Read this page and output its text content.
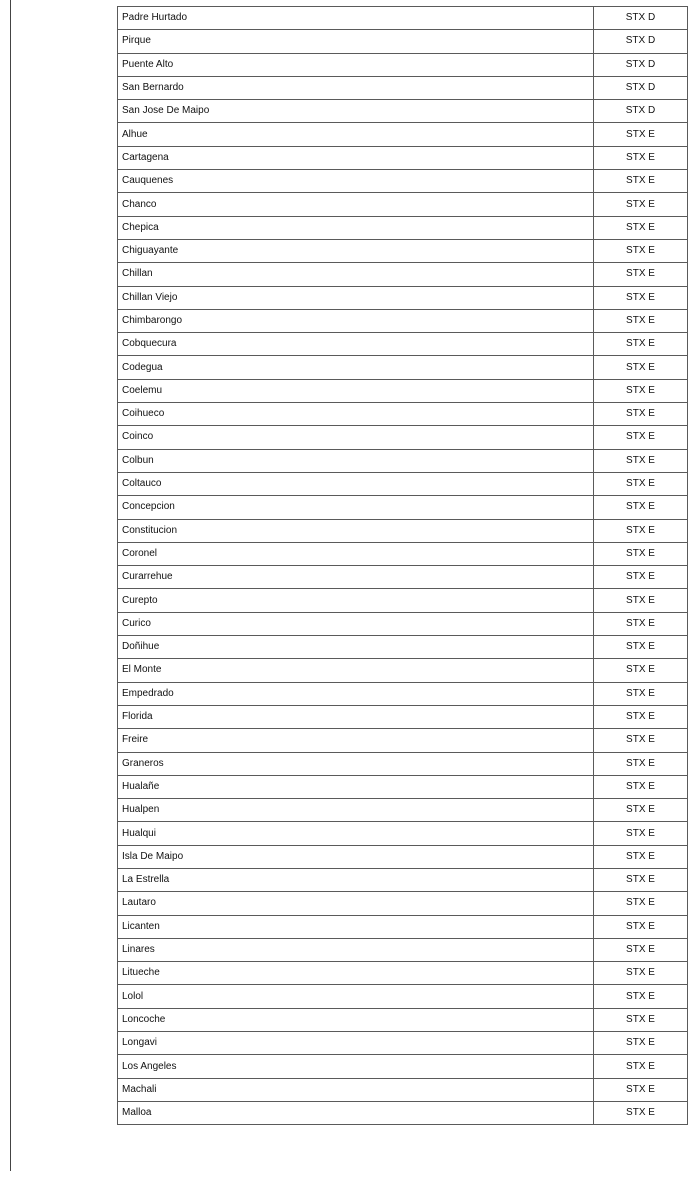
Padre Hurtado	STX D
Pirque	STX D
Puente Alto	STX D
San Bernardo	STX D
San Jose De Maipo	STX D
Alhue	STX E
Cartagena	STX E
Cauquenes	STX E
Chanco	STX E
Chepica	STX E
Chiguayante	STX E
Chillan	STX E
Chillan Viejo	STX E
Chimbarongo	STX E
Cobquecura	STX E
Codegua	STX E
Coelemu	STX E
Coihueco	STX E
Coinco	STX E
Colbun	STX E
Coltauco	STX E
Concepcion	STX E
Constitucion	STX E
Coronel	STX E
Curarrehue	STX E
Curepto	STX E
Curico	STX E
Doñihue	STX E
El Monte	STX E
Empedrado	STX E
Florida	STX E
Freire	STX E
Graneros	STX E
Hualañe	STX E
Hualpen	STX E
Hualqui	STX E
Isla De Maipo	STX E
La Estrella	STX E
Lautaro	STX E
Licanten	STX E
Linares	STX E
Litueche	STX E
Lolol	STX E
Loncoche	STX E
Longavi	STX E
Los Angeles	STX E
Machali	STX E
Malloa	STX E
